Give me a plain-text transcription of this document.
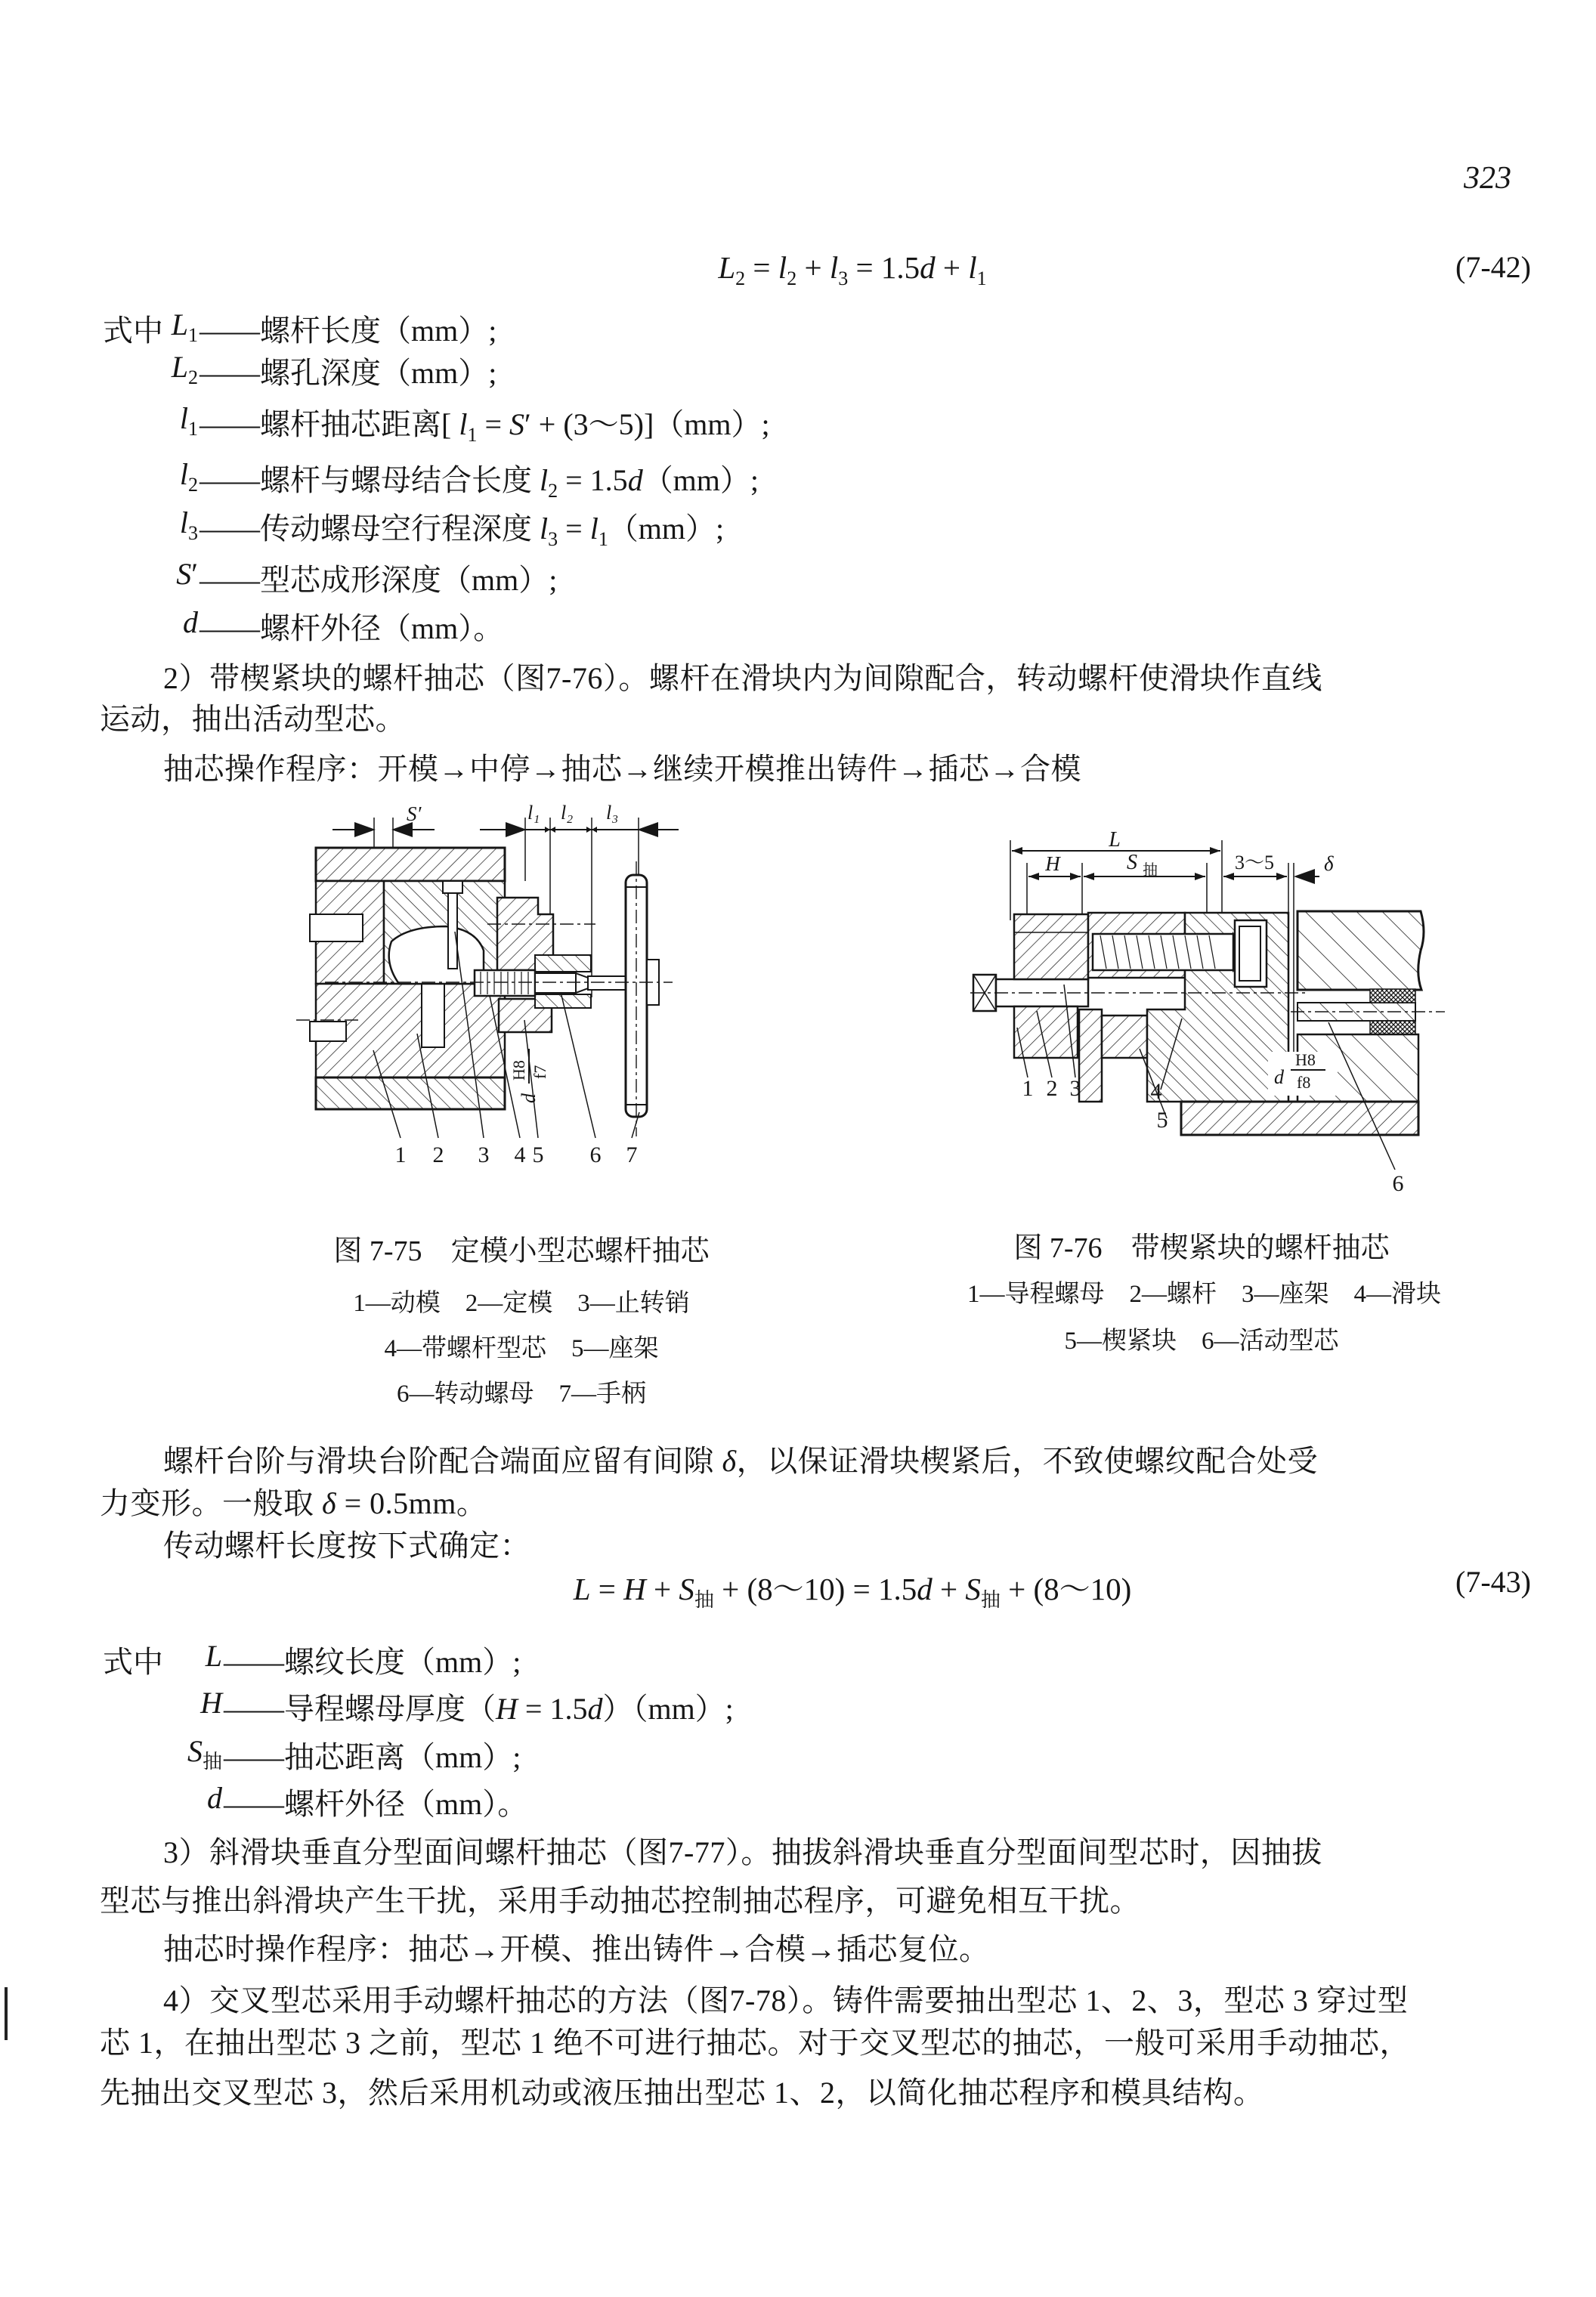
323
$L_2 = l_2 + l_3 = 1.5d + l_1$	(7-42)
式中 $L_1$ ——螺杆长度（mm）;
$L_2$ ——螺孔深度（mm）;
$l_1$ ——螺杆抽芯距离[ $l_1 = S'$ + (3～5)]（mm）;
$l_2$ ——螺杆与螺母结合长度 $l_2 = 1.5d(mm)$;
$l_3$ ——传动螺母空行程深度 $l_3 = l_1(mm)$;
S′ ——型芯成形深度（mm）;
d ——螺杆外径（mm）。
2）带楔紧块的螺杆抽芯（图7-76）。螺杆在滑块内为间隙配合，转动螺杆使滑块作直线
运动，抽出活动型芯。
抽芯操作程序：开模→中停→抽芯→继续开模推出铸件→插芯→合模
S′	l₁ l₂ l₃
d
H8 f7
1 2 3 4 5 6 7
L
H	S 抽	3～5 δ
d
H8
f8
1 2 3	4
5
6
图 7-75　 定模小型芯螺杆抽芯
1—动模　2—定模　3—止转销
4—带螺杆型芯　5—座架
6—转动螺母　7—手柄
图 7-76　 带楔紧块的螺杆抽芯
1—导程螺母　2—螺杆　3—座架　4—滑块
5—楔紧块　6—活动型芯
螺杆台阶与滑块台阶配合端面应留有间隙 δ，以保证滑块楔紧后，不致使螺纹配合处受
力变形。一般取 δ = 0.5mm。
传动螺杆长度按下式确定：
$L = H + S_抽$ + (8～10) = $1.5d + S_抽$ + (8～10)	(7-43)
式中	L ——螺纹长度（mm）;
H ——导程螺母厚度（H = 1.5d）（mm）;
$S_抽$ ——抽芯距离（mm）;
d ——螺杆外径（mm）。
3）斜滑块垂直分型面间螺杆抽芯（图7-77）。抽拔斜滑块垂直分型面间型芯时，因抽拔
型芯与推出斜滑块产生干扰，采用手动抽芯控制抽芯程序，可避免相互干扰。
抽芯时操作程序：抽芯→开模、推出铸件→合模→插芯复位。
4）交叉型芯采用手动螺杆抽芯的方法（图7-78）。铸件需要抽出型芯 1、2、3，型芯 3 穿过型
芯 1，在抽出型芯 3 之前，型芯 1 绝不可进行抽芯。对于交叉型芯的抽芯，一般可采用手动抽芯，
先抽出交叉型芯 3，然后采用机动或液压抽出型芯 1、2，以简化抽芯程序和模具结构。
